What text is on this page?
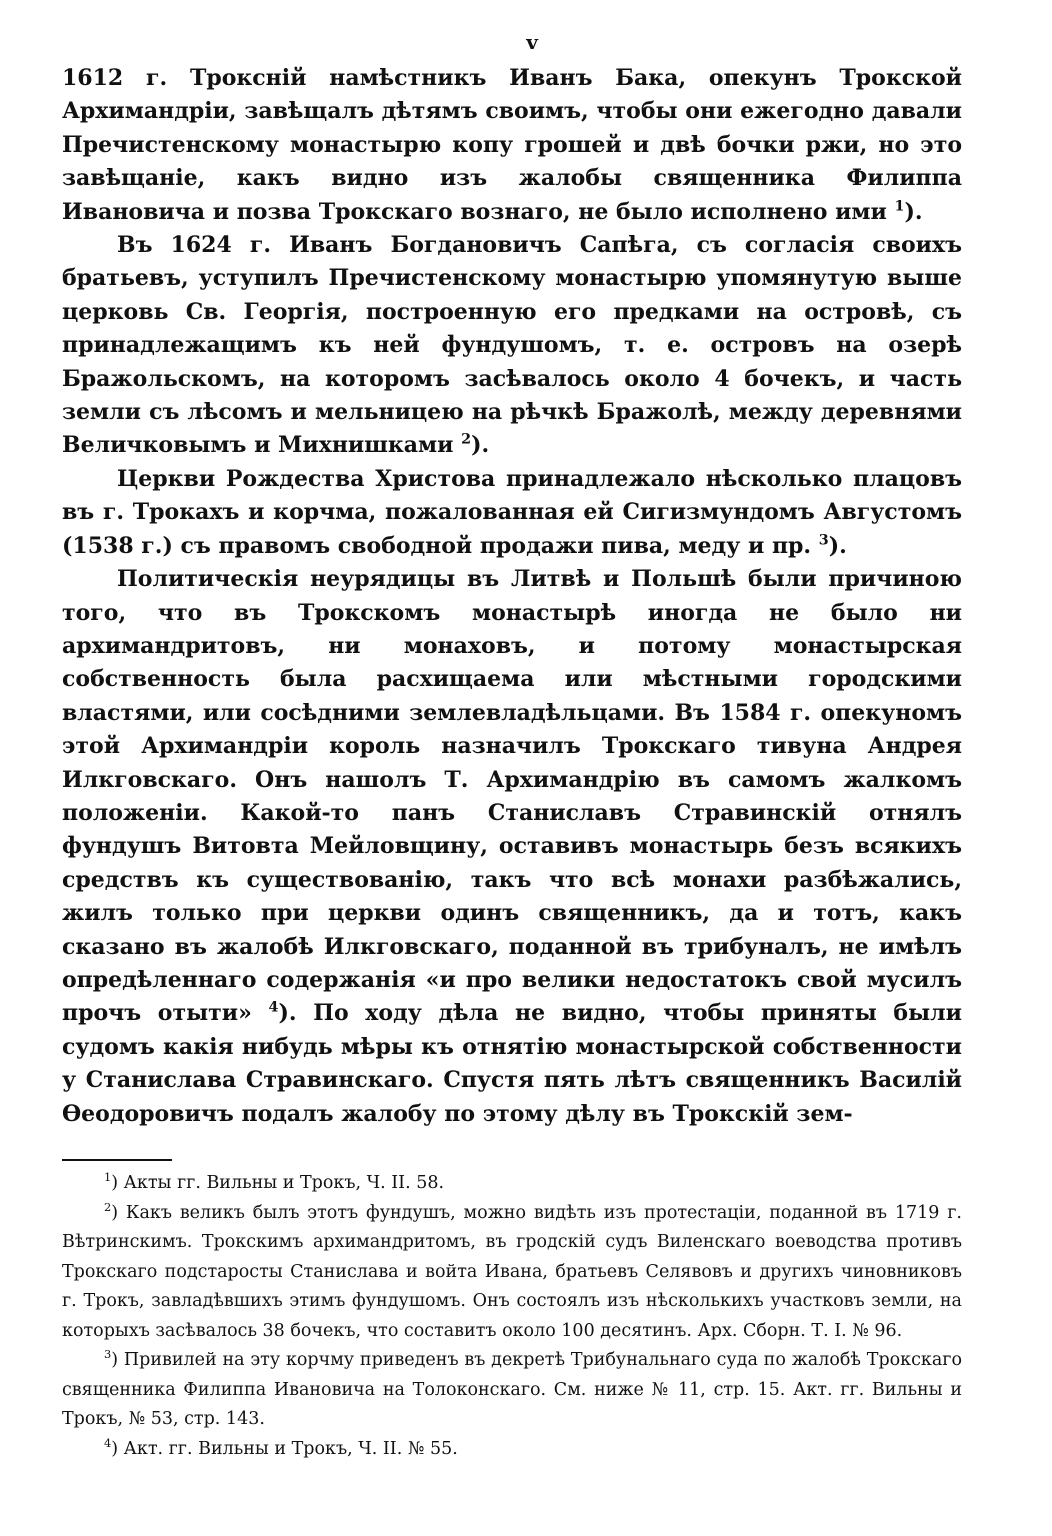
v

1612 г. Троксній намѣстникъ Иванъ Бака, опекунъ Трокской Архимандріи, завѣщалъ дѣтямъ своимъ, чтобы они ежегодно давали Пречистенскому монастырю копу грошей и двѣ бочки ржи, но это завѣщаніе, какъ видно изъ жалобы священника Филиппа Ивановича и позва Трокскаго вознаго, не было исполнено ими $^1$).

Въ 1624 г. Иванъ Богдановичъ Сапѣга, съ согласія своихъ братьевъ, уступилъ Пречистенскому монастырю упомянутую выше церковь Св. Георгія, построенную его предками на островѣ, съ принадлежащимъ къ ней фундушомъ, т. е. островъ на озерѣ Бражольскомъ, на которомъ засѣвалось около 4 бочекъ, и часть земли съ лѣсомъ и мельницею на рѣчкѣ Бражолѣ, между деревнями Величковымъ и Михнишками $^2$).

Церкви Рождества Христова принадлежало нѣсколько плацовъ въ г. Трокахъ и корчма, пожалованная ей Сигизмундомъ Августомъ (1538 г.) съ правомъ свободной продажи пива, меду и пр. $^3$).

Политическія неурядицы въ Литвѣ и Польшѣ были причиною того, что въ Трокскомъ монастырѣ иногда не было ни архимандритовъ, ни монаховъ, и потому монастырская собственность была расхищаема или мѣстными городскими властями, или сосѣдними землевладѣльцами. Въ 1584 г. опекуномъ этой Архимандріи король назначилъ Трокскаго тивуна Андрея Илкговскаго. Онъ нашолъ Т. Архимандрію въ самомъ жалкомъ положеніи. Какой-то панъ Станиславъ Стравинскій отнялъ фундушъ Витовта Мейловщину, оставивъ монастырь безъ всякихъ средствъ къ существованію, такъ что всѣ монахи разбѣжались, жилъ только при церкви одинъ священникъ, да и тотъ, какъ сказано въ жалобѣ Илкговскаго, поданной въ трибуналъ, не имѣлъ опредѣленнаго содержанія «и про велики недостатокъ свой мусилъ прочъ отыти» $^4$). По ходу дѣла не видно, чтобы приняты были судомъ какія нибудь мѣры къ отнятію монастырской собственности у Станислава Стравинскаго. Спустя пять лѣтъ священникъ Василій Ѳеодоровичъ подалъ жалобу по этому дѣлу въ Трокскій зем-

$^1$) Акты гг. Вильны и Трокъ, Ч. II. 58.

$^2$) Какъ великъ былъ этотъ фундушъ, можно видѣть изъ протестаціи, поданной въ 1719 г. Вѣтринскимъ. Трокскимъ архимандритомъ, въ гродскій судъ Виленскаго воеводства противъ Трокскаго подстаросты Станислава и войта Ивана, братьевъ Селявовъ и другихъ чиновниковъ г. Трокъ, завладѣвшихъ этимъ фундушомъ. Онъ состоялъ изъ нѣсколькихъ участковъ земли, на которыхъ засѣвалось 38 бочекъ, что составитъ около 100 десятинъ. Арх. Сборн. Т. I. № 96.

$^3$) Привилей на эту корчму приведенъ въ декретѣ Трибунальнаго суда по жалобѣ Трокскаго священника Филиппа Ивановича на Толоконскаго. См. ниже № 11, стр. 15. Акт. гг. Вильны и Трокъ, № 53, стр. 143.

$^4$) Акт. гг. Вильны и Трокъ, Ч. II. № 55.
